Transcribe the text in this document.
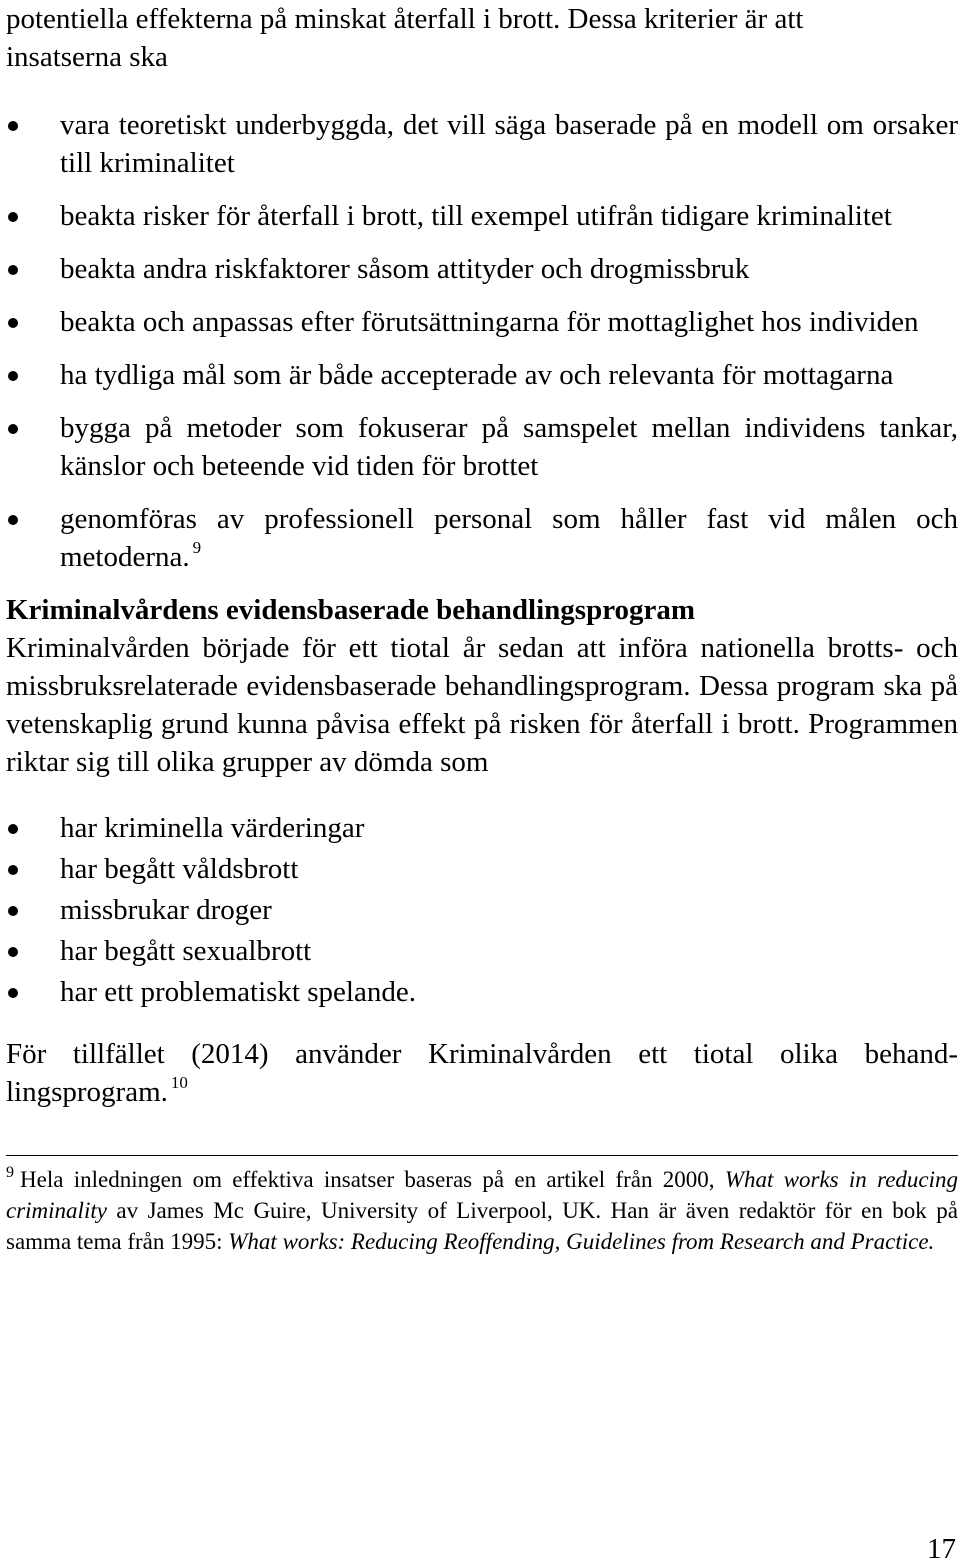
potentiella effekterna på minskat återfall i brott. Dessa kriterier är att
insatserna ska

vara teoretiskt underbyggda, det vill säga baserade på en modell om orsaker till kriminalitet
beakta risker för återfall i brott, till exempel utifrån tidigare kriminalitet
beakta andra riskfaktorer såsom attityder och drogmissbruk
beakta och anpassas efter förutsättningarna för mottaglighet hos individen
ha tydliga mål som är både accepterade av och relevanta för mottagarna
bygga på metoder som fokuserar på samspelet mellan individens tankar, känslor och beteende vid tiden för brottet
genomföras av professionell personal som håller fast vid målen och metoderna. $^9$
Kriminalvårdens evidensbaserade behandlingsprogram

Kriminalvården började för ett tiotal år sedan att införa nationella brotts- och missbruksrelaterade evidensbaserade behandlingsprogram. Dessa program ska på vetenskaplig grund kunna påvisa effekt på risken för återfall i brott. Programmen riktar sig till olika grupper av dömda som

har kriminella värderingar
har begått våldsbrott
missbrukar droger
har begått sexualbrott
har ett problematiskt spelande.

För tillfället (2014) använder Kriminalvården ett tiotal olika behandlingsprogram. $^{10}$

$^9$ Hela inledningen om effektiva insatser baseras på en artikel från 2000, What works in reducing criminality av James Mc Guire, University of Liverpool, UK. Han är även redaktör för en bok på samma tema från 1995: What works: Reducing Reoffending, Guidelines from Research and Practice.

17
